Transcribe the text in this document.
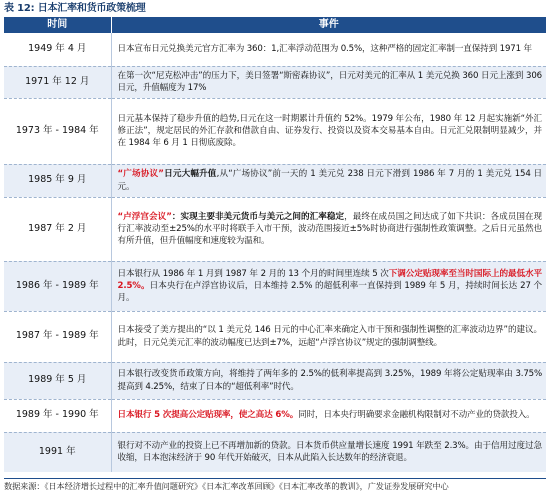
表 12: 日本汇率和货币政策梳理
时间	事件
1949 年 4 月	日本宣布日元兑换美元官方汇率为 360：1,汇率浮动范围为 0.5%，这种严格的固定汇率制一直保持到 1971 年
1971 年 12 月	在第一次“尼克松冲击”的压力下，美日签署“斯密森协议”，日元对美元的汇率从 1 美元兑换 360 日元上涨到 306 日元，升值幅度为 17%
1973 年 - 1984 年	日元基本保持了稳步升值的趋势,日元在这一时期累计升值约 52%。1979 年公布，1980 年 12 月起实施新“外汇修正法”，规定居民的外汇存款和借款自由、证券发行、投资以及资本交易基本自由。日元汇兑限制明显减少，并在 1984 年 6 月 1 日彻底废除。
1985 年 9 月	“广场协议”日元大幅升值,从“广场协议”前一天的 1 美元兑 238 日元下滑到 1986 年 7 月的 1 美元兑 154 日元。
1987 年 2 月	“卢浮宫会议”：实现主要非美元货币与美元之间的汇率稳定，最终在成员国之间达成了如下共识：各成员国在现行汇率波动至±25%的水平时将联手入市干预，波动范围接近±5%时协商进行强制性政策调整。之后日元虽然也有所升值，但升值幅度和速度较为温和。
1986 年 - 1989 年	日本银行从 1986 年 1 月到 1987 年 2 月的 13 个月的时间里连续 5 次下调公定贴现率至当时国际上的最低水平 2.5%。日本央行在卢浮宫协议后，日本维持 2.5% 的超低利率一直保持到 1989 年 5 月，持续时间长达 27 个月。
1987 年 - 1989 年	日本接受了美方提出的“以 1 美元兑 146 日元的中心汇率来确定入市干预和强制性调整的汇率波动边界”的建议。此时，日元兑美元汇率的波动幅度已达到±7%，远超“卢浮宫协议”规定的强制调整线。
1989 年 5 月	日本银行改变货币政策方向，将维持了两年多的 2.5%的低利率提高到 3.25%，1989 年将公定贴现率由 3.75%提高到 4.25%，结束了日本的“超低利率”时代。
1989 年 - 1990 年	日本银行 5 次提高公定贴现率，使之高达 6%。同时，日本央行明确要求金融机构限制对不动产业的贷款投入。
1991 年	银行对不动产业的投资上已不再增加新的贷款。日本货币供应量增长速度 1991 年跌至 2.3%。由于信用过度过急收缩，日本泡沫经济于 90 年代开始破灭，日本从此陷入长达数年的经济衰退。
数据来源：《日本经济增长过程中的汇率升值问题研究》《日本汇率改革回顾》《日本汇率改革的教训》，广发证券发展研究中心
